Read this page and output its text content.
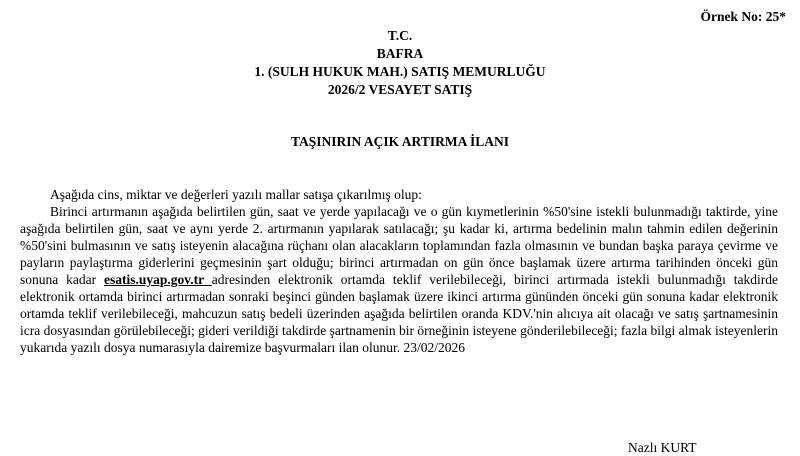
Örnek No: 25*
T.C.
BAFRA
1. (SULH HUKUK MAH.) SATIŞ MEMURLUĞU
2026/2 VESAYET SATIŞ
TAŞINIRIN AÇIK ARTIRMA İLANI

Aşağıda cins, miktar ve değerleri yazılı mallar satışa çıkarılmış olup:

Birinci artırmanın aşağıda belirtilen gün, saat ve yerde yapılacağı ve o gün kıymetlerinin %50'sine istekli bulunmadığı taktirde, yine aşağıda belirtilen gün, saat ve aynı yerde 2. artırmanın yapılarak satılacağı; şu kadar ki, artırma bedelinin malın tahmin edilen değerinin %50'sini bulmasının ve satış isteyenin alacağına rüçhanı olan alacakların toplamından fazla olmasının ve bundan başka paraya çevirme ve payların paylaştırma giderlerini geçmesinin şart olduğu; birinci artırmadan on gün önce başlamak üzere artırma tarihinden önceki gün sonuna kadar esatis.uyap.gov.tr adresinden elektronik ortamda teklif verilebileceği, birinci artırmada istekli bulunmadığı takdirde elektronik ortamda birinci artırmadan sonraki beşinci günden başlamak üzere ikinci artırma gününden önceki gün sonuna kadar elektronik ortamda teklif verilebileceği, mahcuzun satış bedeli üzerinden aşağıda belirtilen oranda KDV.'nin alıcıya ait olacağı ve satış şartnamesinin icra dosyasından görülebileceği; gideri verildiği takdirde şartnamenin bir örneğinin isteyene gönderilebileceği; fazla bilgi almak isteyenlerin yukarıda yazılı dosya numarasıyla dairemize başvurmaları ilan olunur. 23/02/2026

Nazlı KURT
